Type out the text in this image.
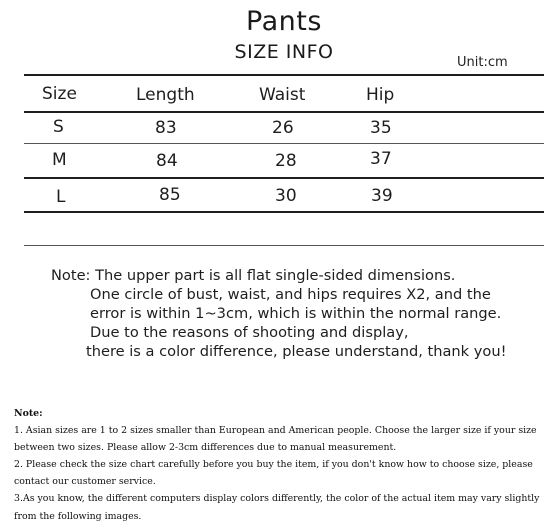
Pants
SIZE INFO	Unit:cm
Size	Length	Waist	Hip
S	83	26	35
M	84	28	37
L	85	30	39
Note: The upper part is all flat single-sided dimensions.
One circle of bust, waist, and hips requires X2, and the
error is within 1~3cm, which is within the normal range.
Due to the reasons of shooting and display,
there is a color difference, please understand, thank you!

Note:

1. Asian sizes are 1 to 2 sizes smaller than European and American people. Choose the larger size if your size between two sizes. Please allow 2-3cm differences due to manual measurement.

2. Please check the size chart carefully before you buy the item, if you don't know how to choose size, please contact our customer service.

3.As you know, the different computers display colors differently, the color of the actual item may vary slightly from the following images.
